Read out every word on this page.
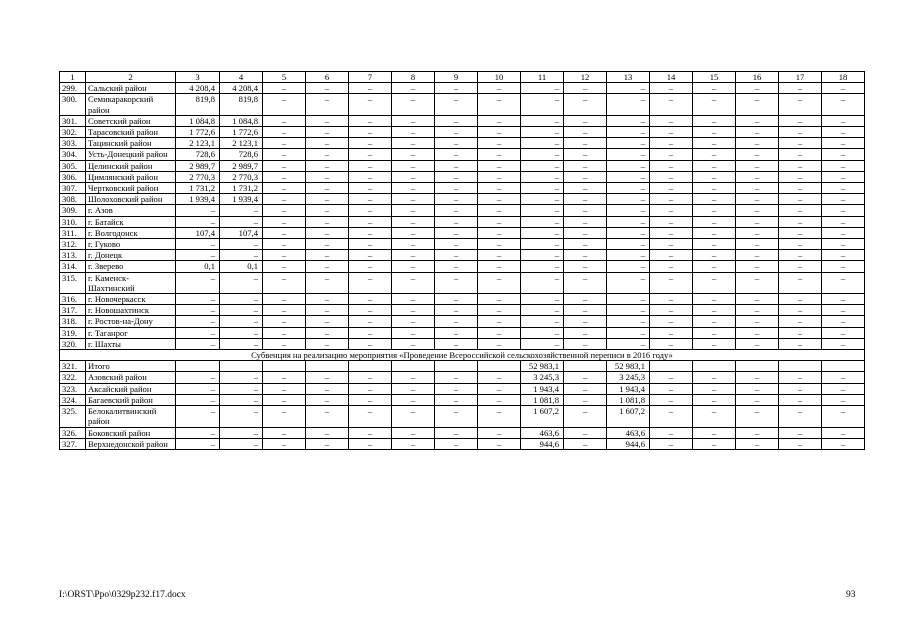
1	2	3	4	5	6	7	8	9	10	11	12	13	14	15	16	17	18
299.	Сальский район	4 208,4	4 208,4	–	–	–	–	–	–	–	–	–	–	–	–	–	–
300.	Семикаракорский район	819,8	819,8	–	–	–	–	–	–	–	–	–	–	–	–	–	–
301.	Советский район	1 084,8	1 084,8	–	–	–	–	–	–	–	–	–	–	–	–	–	–
302.	Тарасовский район	1 772,6	1 772,6	–	–	–	–	–	–	–	–	–	–	–	–	–	–
303.	Тацинский район	2 123,1	2 123,1	–	–	–	–	–	–	–	–	–	–	–	–	–	–
304.	Усть-Донецкий район	728,6	728,6	–	–	–	–	–	–	–	–	–	–	–	–	–	–
305.	Целинский район	2 989,7	2 989,7	–	–	–	–	–	–	–	–	–	–	–	–	–	–
306.	Цимлянский район	2 770,3	2 770,3	–	–	–	–	–	–	–	–	–	–	–	–	–	–
307.	Чертковский район	1 731,2	1 731,2	–	–	–	–	–	–	–	–	–	–	–	–	–	–
308.	Шолоховский район	1 939,4	1 939,4	–	–	–	–	–	–	–	–	–	–	–	–	–	–
309.	г. Азов	–	–	–	–	–	–	–	–	–	–	–	–	–	–	–	–
310.	г. Батайск	–	–	–	–	–	–	–	–	–	–	–	–	–	–	–	–
311.	г. Волгодонск	107,4	107,4	–	–	–	–	–	–	–	–	–	–	–	–	–	–
312.	г. Гуково	–	–	–	–	–	–	–	–	–	–	–	–	–	–	–	–
313.	г. Донецк	–	–	–	–	–	–	–	–	–	–	–	–	–	–	–	–
314.	г. Зверево	0,1	0,1	–	–	–	–	–	–	–	–	–	–	–	–	–	–
315.	г. Каменск-Шахтинский	–	–	–	–	–	–	–	–	–	–	–	–	–	–	–	–
316.	г. Новочеркасск	–	–	–	–	–	–	–	–	–	–	–	–	–	–	–	–
317.	г. Новошахтинск	–	–	–	–	–	–	–	–	–	–	–	–	–	–	–	–
318.	г. Ростов-на-Дону	–	–	–	–	–	–	–	–	–	–	–	–	–	–	–	–
319.	г. Таганрог	–	–	–	–	–	–	–	–	–	–	–	–	–	–	–	–
320.	г. Шахты	–	–	–	–	–	–	–	–	–	–	–	–	–	–	–	–
Субвенция на реализацию мероприятия «Проведение Всероссийской сельскохозяйственной переписи в 2016 году»																	
321.	Итого									52 983,1		52 983,1					
322.	Азовский район	–	–	–	–	–	–	–	–	3 245,3	–	3 245,3	–	–	–	–	–
323.	Аксайский район	–	–	–	–	–	–	–	–	1 943,4	–	1 943,4	–	–	–	–	–
324.	Багаевский район	–	–	–	–	–	–	–	–	1 081,8	–	1 081,8	–	–	–	–	–
325.	Белокалитвинский район	–	–	–	–	–	–	–	–	1 607,2	–	1 607,2	–	–	–	–	–
326.	Боковский район	–	–	–	–	–	–	–	–	463,6	–	463,6	–	–	–	–	–
327.	Верхнедонской район	–	–	–	–	–	–	–	–	944,6	–	944,6	–	–	–	–	–
I:\ORST\Ppo\0329p232.f17.docx	93
